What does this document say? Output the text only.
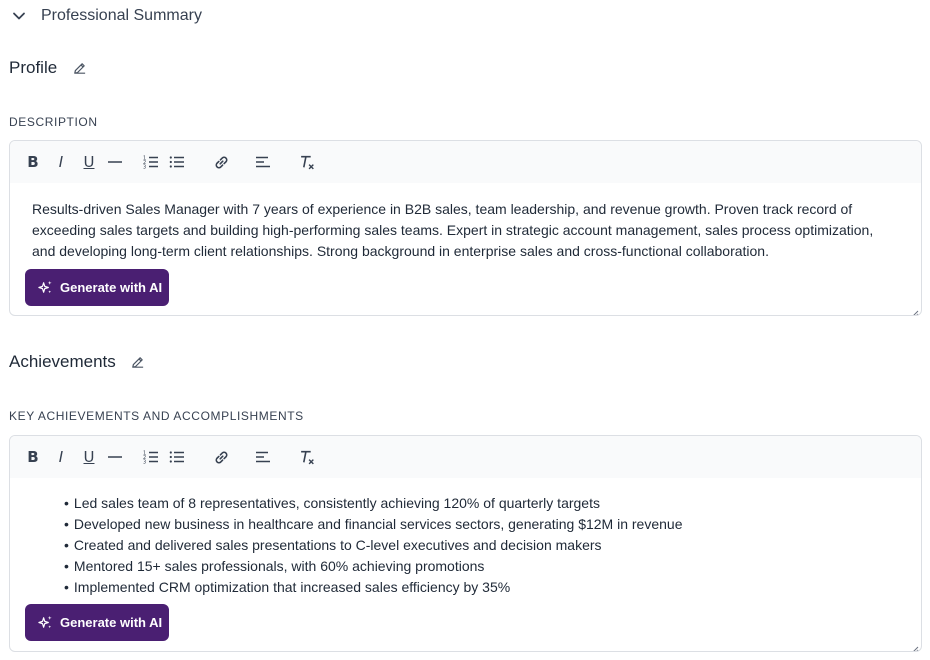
Professional Summary
Profile
DESCRIPTION
B	I	U	1
2
3
Results-driven Sales Manager with 7 years of experience in B2B sales, team leadership, and revenue growth. Proven track record of exceeding sales targets and building high-performing sales teams. Expert in strategic account management, sales process optimization, and developing long-term client relationships. Strong background in enterprise sales and cross-functional collaboration.
Generate with AI
Achievements
KEY ACHIEVEMENTS AND ACCOMPLISHMENTS
B	I	U	1
2
3
• Led sales team of 8 representatives, consistently achieving 120% of quarterly targets
• Developed new business in healthcare and financial services sectors, generating $12M in revenue
• Created and delivered sales presentations to C-level executives and decision makers
• Mentored 15+ sales professionals, with 60% achieving promotions
• Implemented CRM optimization that increased sales efficiency by 35%
Generate with AI
